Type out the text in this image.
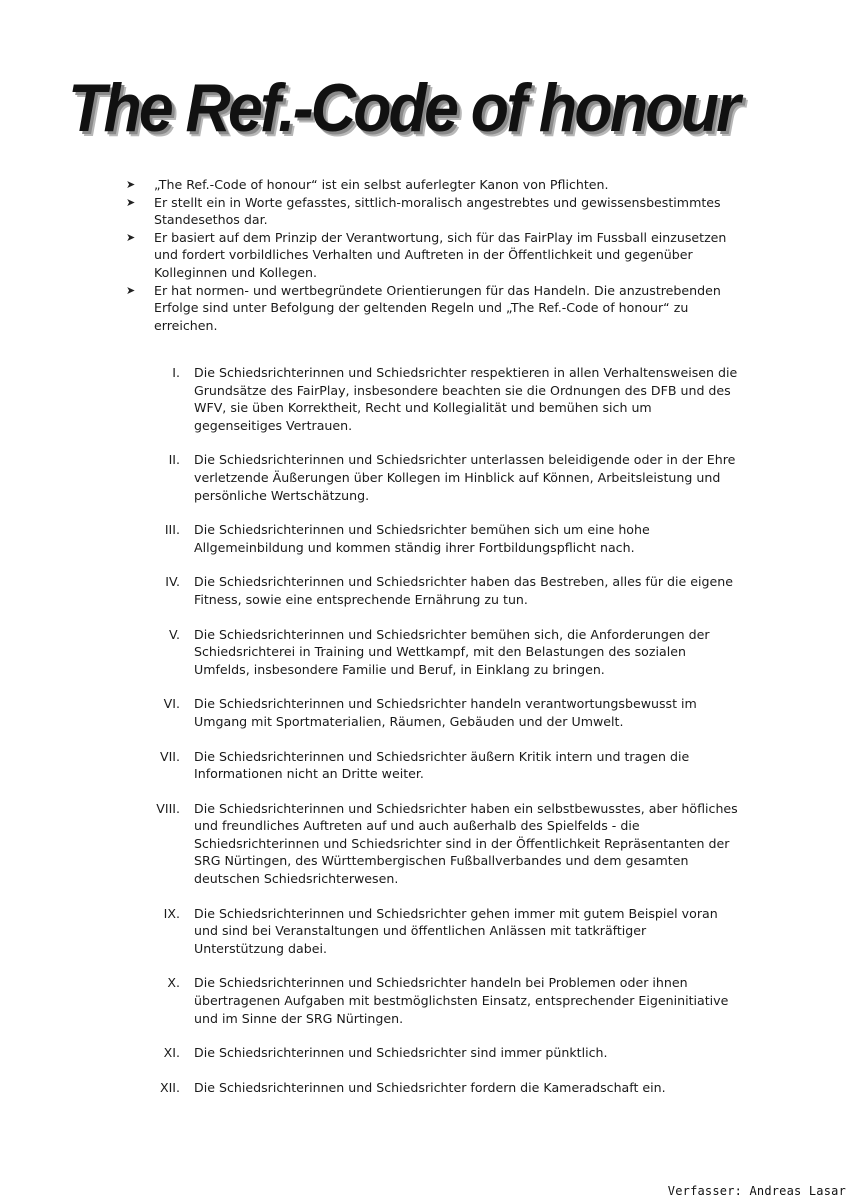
The Ref.-Code of honour
➤ „The Ref.-Code of honour“ ist ein selbst auferlegter Kanon von Pflichten.
➤ Er stellt ein in Worte gefasstes, sittlich-moralisch angestrebtes und gewissensbestimmtes Standesethos dar.
➤ Er basiert auf dem Prinzip der Verantwortung, sich für das FairPlay im Fussball einzusetzen und fordert vorbildliches Verhalten und Auftreten in der Öffentlichkeit und gegenüber Kolleginnen und Kollegen.
➤ Er hat normen- und wertbegründete Orientierungen für das Handeln. Die anzustrebenden Erfolge sind unter Befolgung der geltenden Regeln und „The Ref.-Code of honour“ zu erreichen.
I. Die Schiedsrichterinnen und Schiedsrichter respektieren in allen Verhaltensweisen die Grundsätze des FairPlay, insbesondere beachten sie die Ordnungen des DFB und des WFV, sie üben Korrektheit, Recht und Kollegialität und bemühen sich um gegenseitiges Vertrauen.
II. Die Schiedsrichterinnen und Schiedsrichter unterlassen beleidigende oder in der Ehre verletzende Äußerungen über Kollegen im Hinblick auf Können, Arbeitsleistung und persönliche Wertschätzung.
III. Die Schiedsrichterinnen und Schiedsrichter bemühen sich um eine hohe Allgemeinbildung und kommen ständig ihrer Fortbildungspflicht nach.
IV. Die Schiedsrichterinnen und Schiedsrichter haben das Bestreben, alles für die eigene Fitness, sowie eine entsprechende Ernährung zu tun.
V. Die Schiedsrichterinnen und Schiedsrichter bemühen sich, die Anforderungen der Schiedsrichterei in Training und Wettkampf, mit den Belastungen des sozialen Umfelds, insbesondere Familie und Beruf, in Einklang zu bringen.
VI. Die Schiedsrichterinnen und Schiedsrichter handeln verantwortungsbewusst im Umgang mit Sportmaterialien, Räumen, Gebäuden und der Umwelt.
VII. Die Schiedsrichterinnen und Schiedsrichter äußern Kritik intern und tragen die Informationen nicht an Dritte weiter.
VIII. Die Schiedsrichterinnen und Schiedsrichter haben ein selbstbewusstes, aber höfliches und freundliches Auftreten auf und auch außerhalb des Spielfelds - die Schiedsrichterinnen und Schiedsrichter sind in der Öffentlichkeit Repräsentanten der SRG Nürtingen, des Württembergischen Fußballverbandes und dem gesamten deutschen Schiedsrichterwesen.
IX. Die Schiedsrichterinnen und Schiedsrichter gehen immer mit gutem Beispiel voran und sind bei Veranstaltungen und öffentlichen Anlässen mit tatkräftiger Unterstützung dabei.
X. Die Schiedsrichterinnen und Schiedsrichter handeln bei Problemen oder ihnen übertragenen Aufgaben mit bestmöglichsten Einsatz, entsprechender Eigeninitiative und im Sinne der SRG Nürtingen.
XI. Die Schiedsrichterinnen und Schiedsrichter sind immer pünktlich.
XII. Die Schiedsrichterinnen und Schiedsrichter fordern die Kameradschaft ein.
Verfasser: Andreas Lasar
